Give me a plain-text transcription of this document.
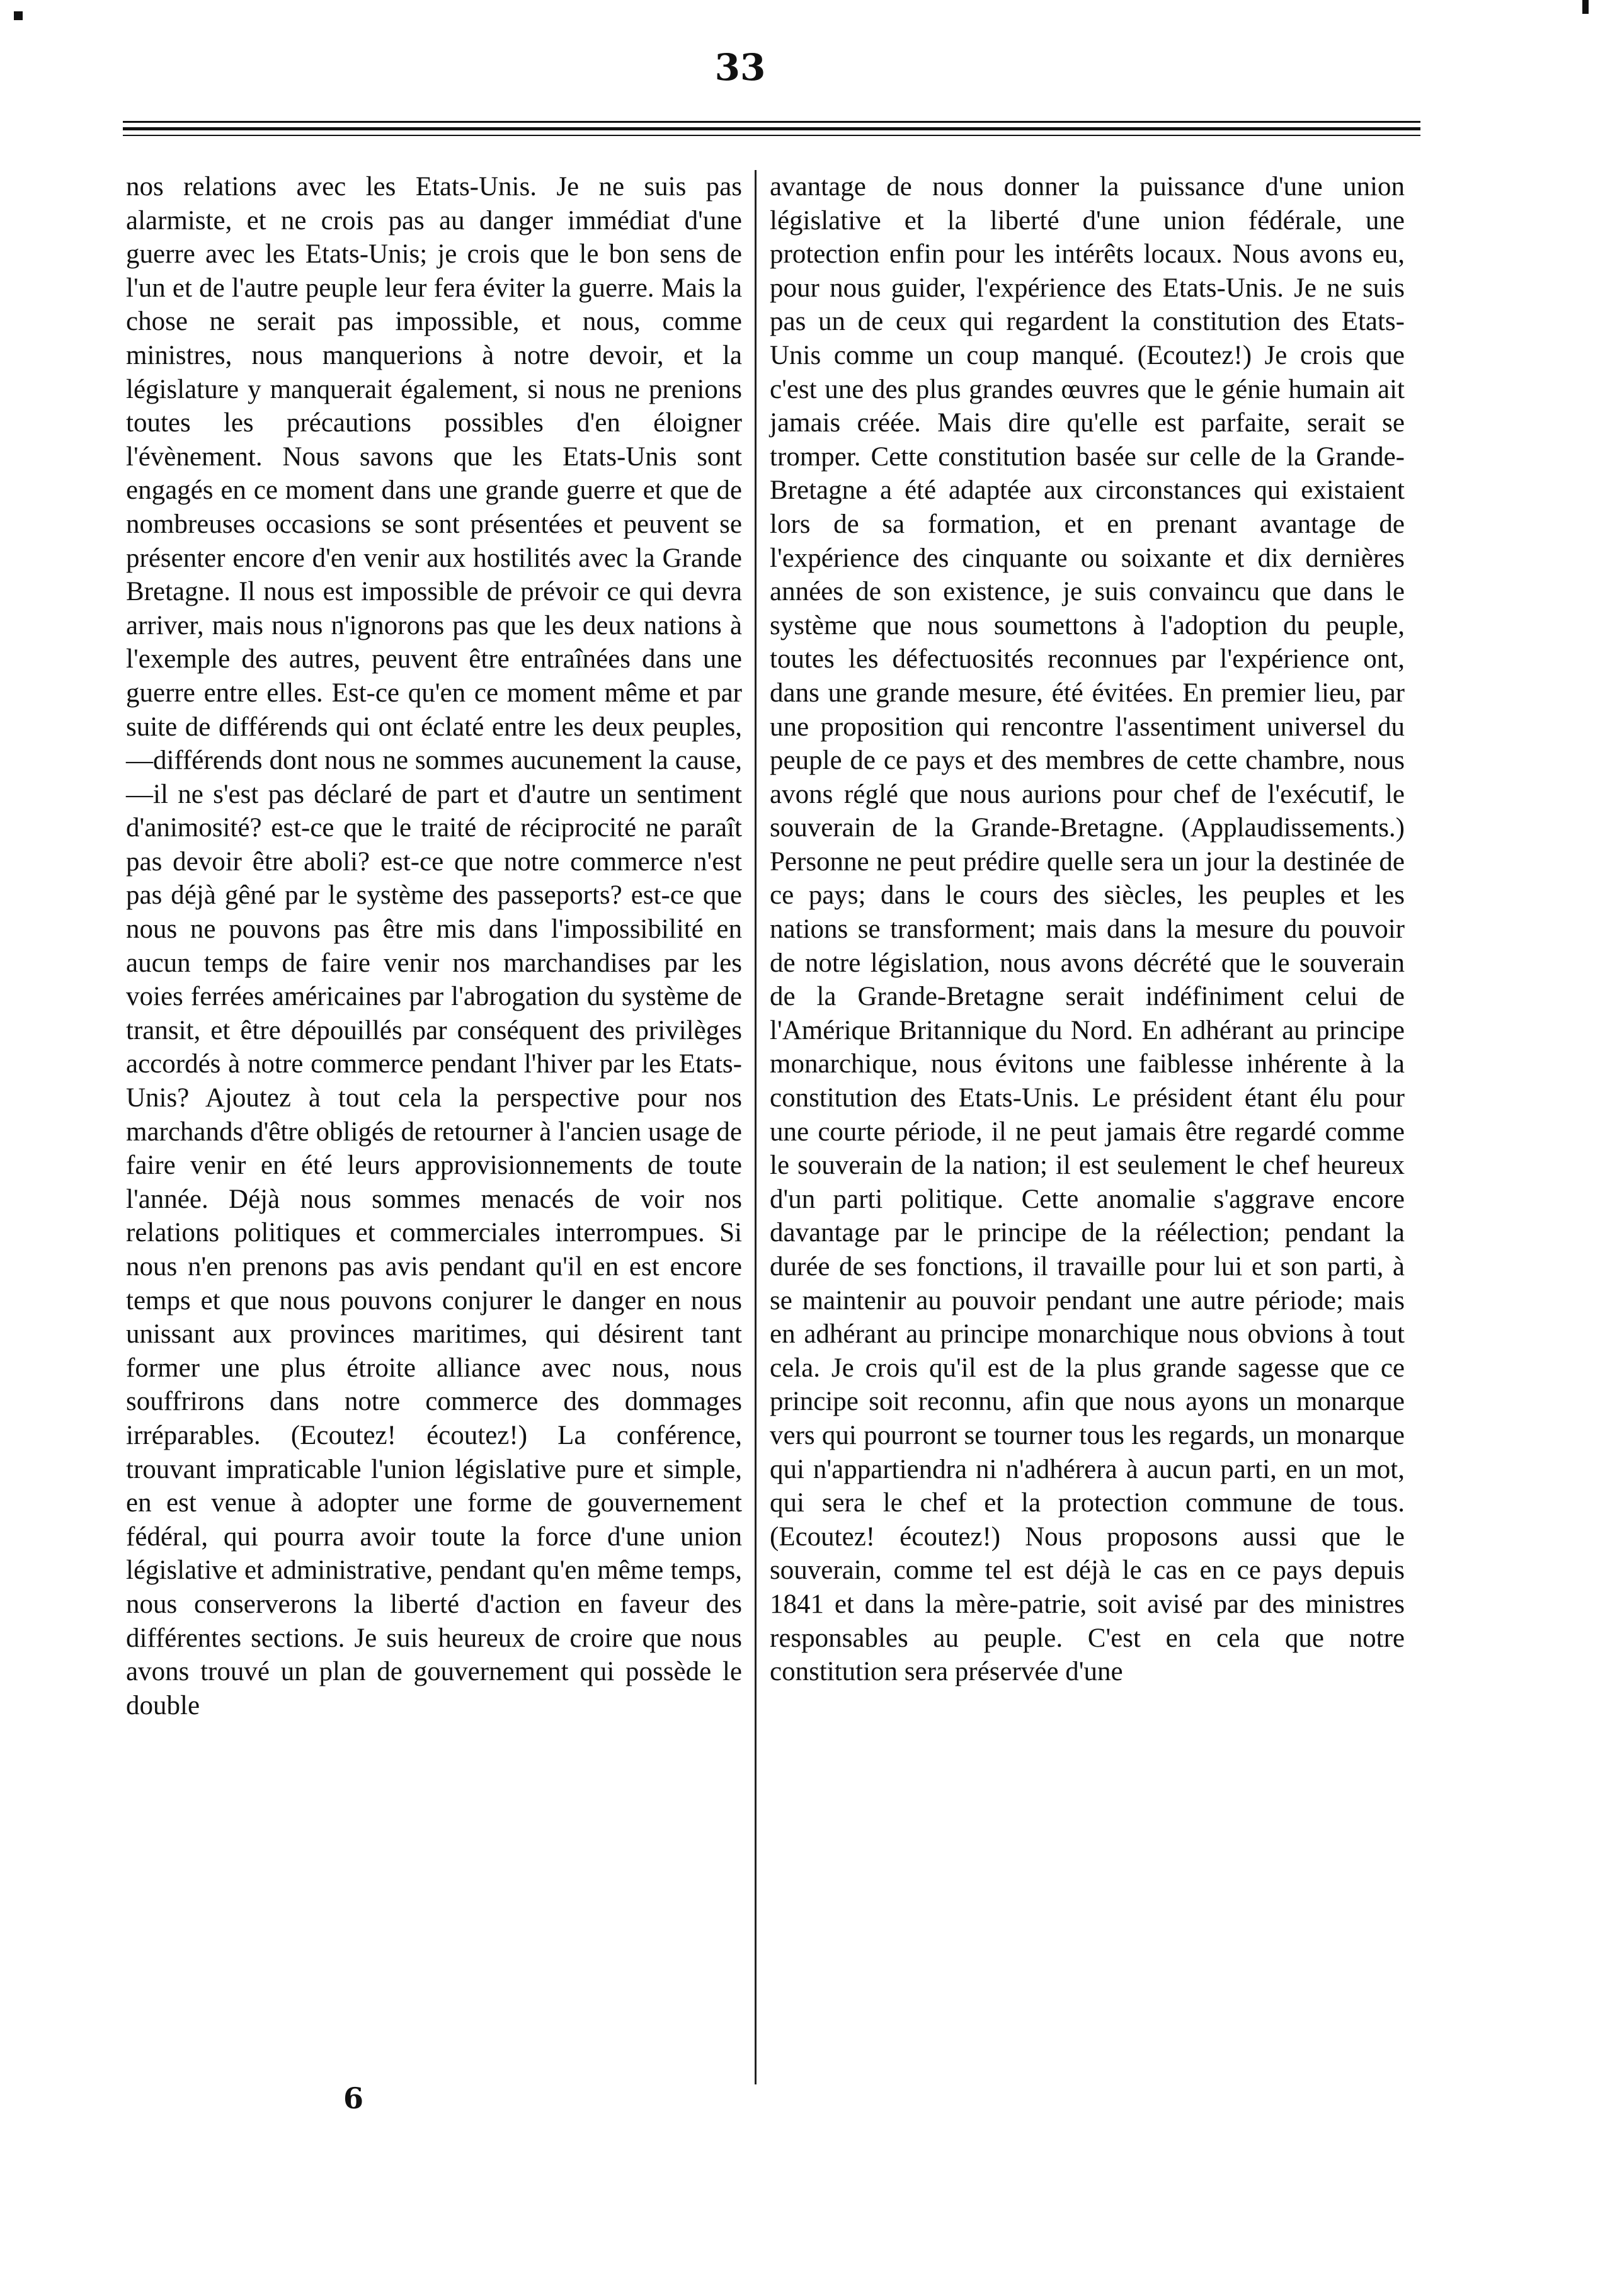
33

nos relations avec les Etats-Unis. Je ne suis pas alarmiste, et ne crois pas au danger immédiat d'une guerre avec les Etats-Unis; je crois que le bon sens de l'un et de l'autre peuple leur fera éviter la guerre. Mais la chose ne serait pas impossible, et nous, comme ministres, nous manquerions à notre devoir, et la législature y manquerait également, si nous ne prenions toutes les précautions possibles d'en éloigner l'évènement. Nous savons que les Etats-Unis sont engagés en ce moment dans une grande guerre et que de nombreuses occasions se sont présentées et peuvent se présenter encore d'en venir aux hostilités avec la Grande Bretagne. Il nous est impossible de prévoir ce qui devra arriver, mais nous n'ignorons pas que les deux nations à l'exemple des autres, peuvent être entraînées dans une guerre entre elles. Est-ce qu'en ce moment même et par suite de différends qui ont éclaté entre les deux peuples,—différends dont nous ne sommes aucunement la cause,—il ne s'est pas déclaré de part et d'autre un sentiment d'animosité? est-ce que le traité de réciprocité ne paraît pas devoir être aboli? est-ce que notre commerce n'est pas déjà gêné par le système des passeports? est-ce que nous ne pouvons pas être mis dans l'impossibilité en aucun temps de faire venir nos marchandises par les voies ferrées américaines par l'abrogation du système de transit, et être dépouillés par conséquent des privilèges accordés à notre commerce pendant l'hiver par les Etats-Unis? Ajoutez à tout cela la perspective pour nos marchands d'être obligés de retourner à l'ancien usage de faire venir en été leurs approvisionnements de toute l'année. Déjà nous sommes menacés de voir nos relations politiques et commerciales interrompues. Si nous n'en prenons pas avis pendant qu'il en est encore temps et que nous pouvons conjurer le danger en nous unissant aux provinces maritimes, qui désirent tant former une plus étroite alliance avec nous, nous souffrirons dans notre commerce des dommages irréparables. (Ecoutez! écoutez!) La conférence, trouvant impraticable l'union législative pure et simple, en est venue à adopter une forme de gouvernement fédéral, qui pourra avoir toute la force d'une union législative et administrative, pendant qu'en même temps, nous conserverons la liberté d'action en faveur des différentes sections. Je suis heureux de croire que nous avons trouvé un plan de gouvernement qui possède le double

avantage de nous donner la puissance d'une union législative et la liberté d'une union fédérale, une protection enfin pour les intérêts locaux. Nous avons eu, pour nous guider, l'expérience des Etats-Unis. Je ne suis pas un de ceux qui regardent la constitution des Etats-Unis comme un coup manqué. (Ecoutez!) Je crois que c'est une des plus grandes œuvres que le génie humain ait jamais créée. Mais dire qu'elle est parfaite, serait se tromper. Cette constitution basée sur celle de la Grande-Bretagne a été adaptée aux circonstances qui existaient lors de sa formation, et en prenant avantage de l'expérience des cinquante ou soixante et dix dernières années de son existence, je suis convaincu que dans le système que nous soumettons à l'adoption du peuple, toutes les défectuosités reconnues par l'expérience ont, dans une grande mesure, été évitées. En premier lieu, par une proposition qui rencontre l'assentiment universel du peuple de ce pays et des membres de cette chambre, nous avons réglé que nous aurions pour chef de l'exécutif, le souverain de la Grande-Bretagne. (Applaudissements.) Personne ne peut prédire quelle sera un jour la destinée de ce pays; dans le cours des siècles, les peuples et les nations se transforment; mais dans la mesure du pouvoir de notre législation, nous avons décrété que le souverain de la Grande-Bretagne serait indéfiniment celui de l'Amérique Britannique du Nord. En adhérant au principe monarchique, nous évitons une faiblesse inhérente à la constitution des Etats-Unis. Le président étant élu pour une courte période, il ne peut jamais être regardé comme le souverain de la nation; il est seulement le chef heureux d'un parti politique. Cette anomalie s'aggrave encore davantage par le principe de la réélection; pendant la durée de ses fonctions, il travaille pour lui et son parti, à se maintenir au pouvoir pendant une autre période; mais en adhérant au principe monarchique nous obvions à tout cela. Je crois qu'il est de la plus grande sagesse que ce principe soit reconnu, afin que nous ayons un monarque vers qui pourront se tourner tous les regards, un monarque qui n'appartiendra ni n'adhérera à aucun parti, en un mot, qui sera le chef et la protection commune de tous. (Ecoutez! écoutez!) Nous proposons aussi que le souverain, comme tel est déjà le cas en ce pays depuis 1841 et dans la mère-patrie, soit avisé par des ministres responsables au peuple. C'est en cela que notre constitution sera préservée d'une

6
